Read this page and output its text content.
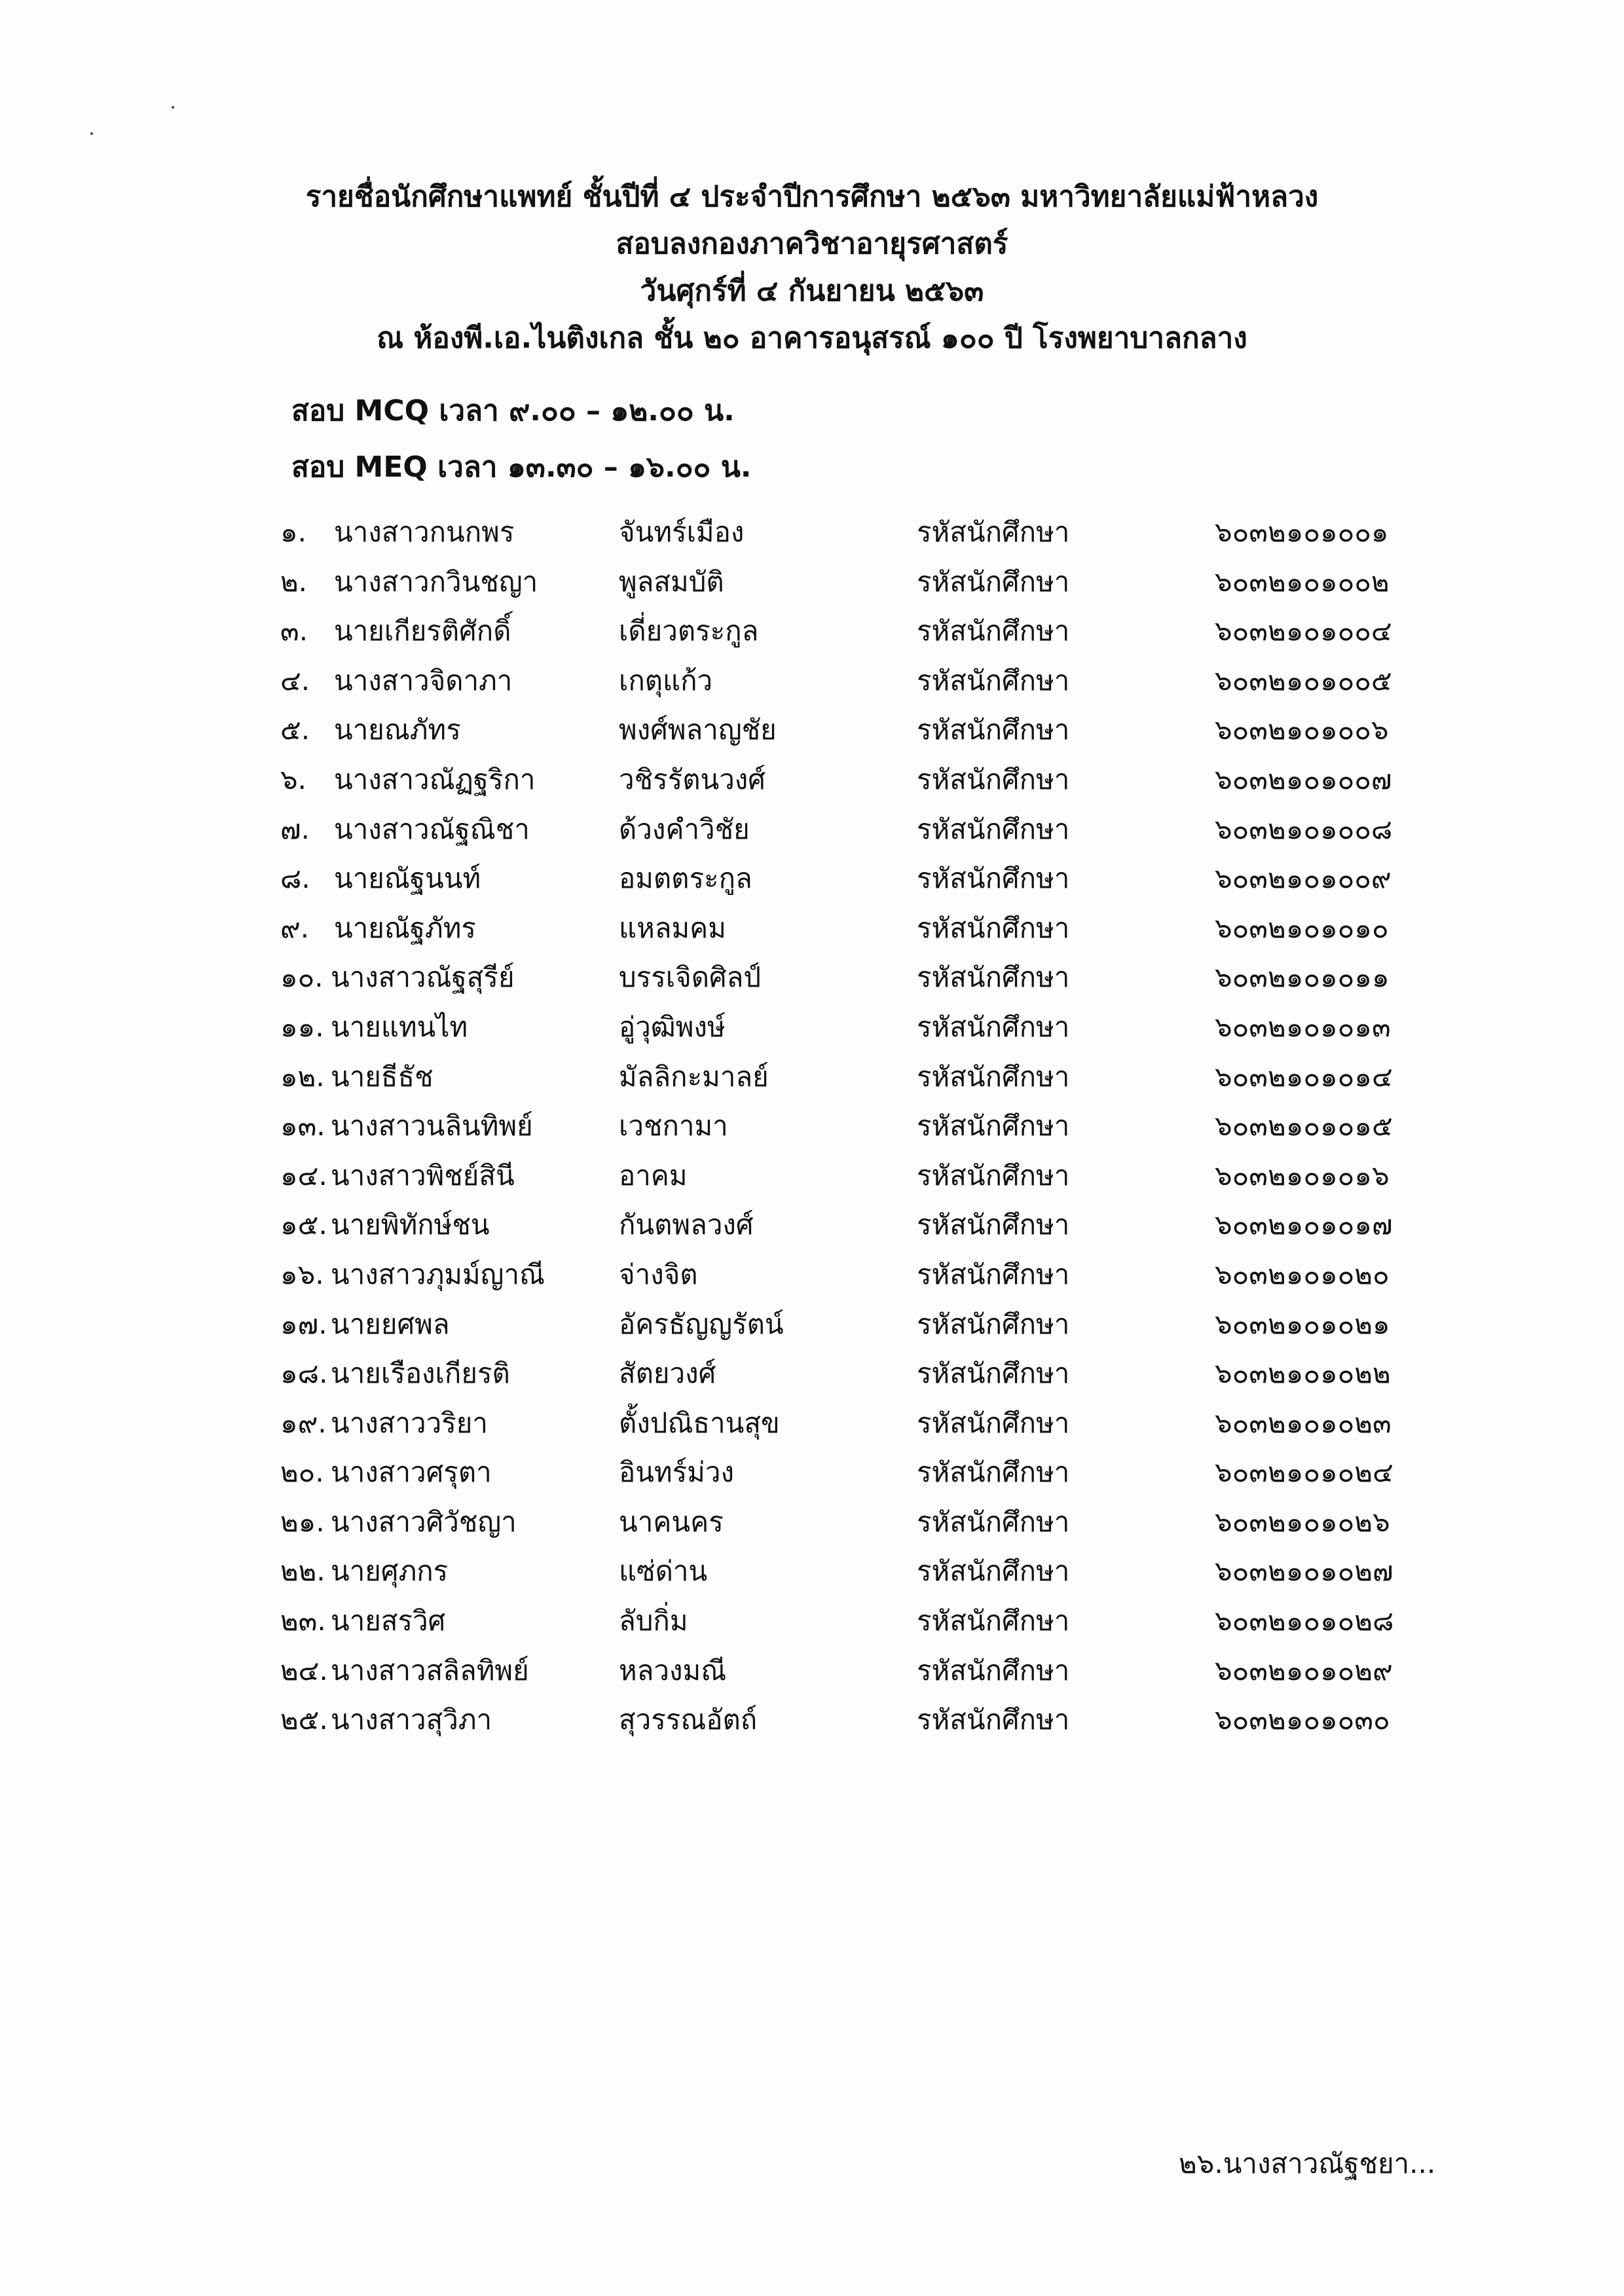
รายชื่อนักศึกษาแพทย์ ชั้นปีที่ ๔ ประจำปีการศึกษา ๒๕๖๓ มหาวิทยาลัยแม่ฟ้าหลวง
สอบลงกองภาควิชาอายุรศาสตร์
วันศุกร์ที่ ๔ กันยายน ๒๕๖๓
ณ ห้องพี.เอ.ไนติงเกล ชั้น ๒๐ อาคารอนุสรณ์ ๑๐๐ ปี โรงพยาบาลกลาง
สอบ MCQ เวลา ๙.๐๐ – ๑๒.๐๐ น.
สอบ MEQ เวลา ๑๓.๓๐ – ๑๖.๐๐ น.
๑. นางสาวกนกพร	จันทร์เมือง	รหัสนักศึกษา	๖๐๓๒๑๐๑๐๐๑
๒. นางสาวกวินชญา	พูลสมบัติ	รหัสนักศึกษา	๖๐๓๒๑๐๑๐๐๒
๓. นายเกียรติศักดิ์	เดี่ยวตระกูล	รหัสนักศึกษา	๖๐๓๒๑๐๑๐๐๔
๔. นางสาวจิดาภา	เกตุแก้ว	รหัสนักศึกษา	๖๐๓๒๑๐๑๐๐๕
๕. นายณภัทร	พงศ์พลาญชัย	รหัสนักศึกษา	๖๐๓๒๑๐๑๐๐๖
๖. นางสาวณัฏฐริกา	วชิรรัตนวงศ์	รหัสนักศึกษา	๖๐๓๒๑๐๑๐๐๗
๗. นางสาวณัฐณิชา	ด้วงคำวิชัย	รหัสนักศึกษา	๖๐๓๒๑๐๑๐๐๘
๘. นายณัฐนนท์	อมตตระกูล	รหัสนักศึกษา	๖๐๓๒๑๐๑๐๐๙
๙. นายณัฐภัทร	แหลมคม	รหัสนักศึกษา	๖๐๓๒๑๐๑๐๑๐
๑๐. นางสาวณัฐสุรีย์	บรรเจิดศิลป์	รหัสนักศึกษา	๖๐๓๒๑๐๑๐๑๑
๑๑. นายแทนไท	อู่วุฒิพงษ์	รหัสนักศึกษา	๖๐๓๒๑๐๑๐๑๓
๑๒. นายธีธัช	มัลลิกะมาลย์	รหัสนักศึกษา	๖๐๓๒๑๐๑๐๑๔
๑๓. นางสาวนลินทิพย์	เวชกามา	รหัสนักศึกษา	๖๐๓๒๑๐๑๐๑๕
๑๔. นางสาวพิชย์สินี	อาคม	รหัสนักศึกษา	๖๐๓๒๑๐๑๐๑๖
๑๕. นายพิทักษ์ชน	กันตพลวงศ์	รหัสนักศึกษา	๖๐๓๒๑๐๑๐๑๗
๑๖. นางสาวภุมม์ญาณี	จ่างจิต	รหัสนักศึกษา	๖๐๓๒๑๐๑๐๒๐
๑๗. นายยศพล	อัครธัญญรัตน์	รหัสนักศึกษา	๖๐๓๒๑๐๑๐๒๑
๑๘. นายเรืองเกียรติ	สัตยวงศ์	รหัสนักศึกษา	๖๐๓๒๑๐๑๐๒๒
๑๙. นางสาววริยา	ตั้งปณิธานสุข	รหัสนักศึกษา	๖๐๓๒๑๐๑๐๒๓
๒๐. นางสาวศรุตา	อินทร์ม่วง	รหัสนักศึกษา	๖๐๓๒๑๐๑๐๒๔
๒๑. นางสาวศิวัชญา	นาคนคร	รหัสนักศึกษา	๖๐๓๒๑๐๑๐๒๖
๒๒. นายศุภกร	แซ่ด่าน	รหัสนักศึกษา	๖๐๓๒๑๐๑๐๒๗
๒๓. นายสรวิศ	ลับกิ่ม	รหัสนักศึกษา	๖๐๓๒๑๐๑๐๒๘
๒๔. นางสาวสลิลทิพย์	หลวงมณี	รหัสนักศึกษา	๖๐๓๒๑๐๑๐๒๙
๒๕. นางสาวสุวิภา	สุวรรณอัตถ์	รหัสนักศึกษา	๖๐๓๒๑๐๑๐๓๐
๒๖.นางสาวณัฐชยา...
